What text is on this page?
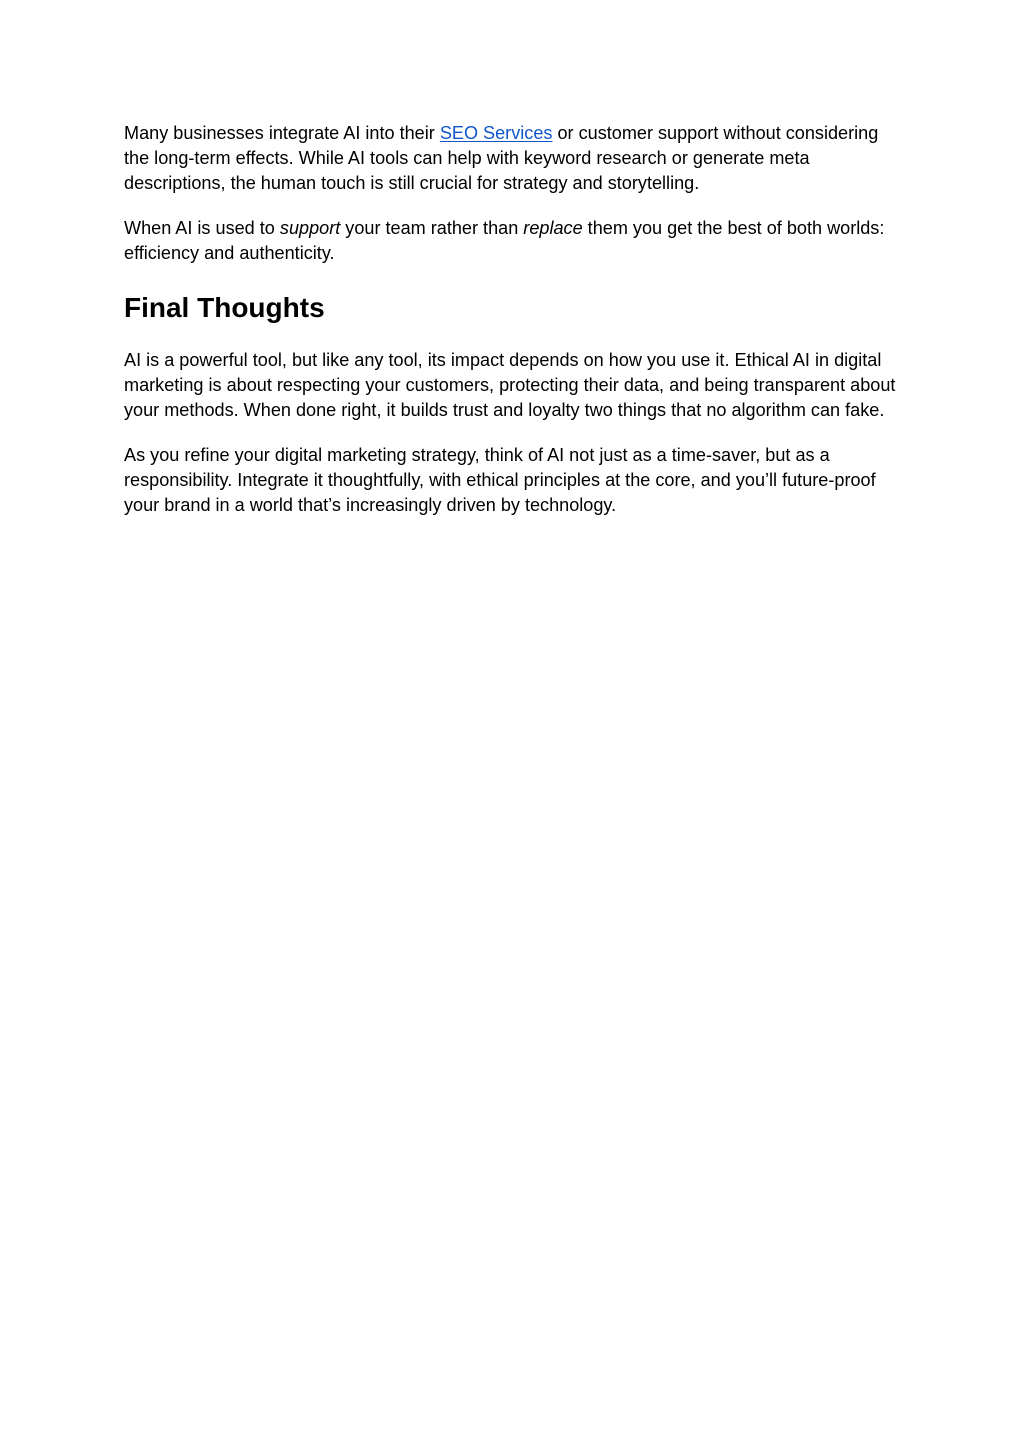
Many businesses integrate AI into their SEO Services or customer support without considering the long-term effects. While AI tools can help with keyword research or generate meta descriptions, the human touch is still crucial for strategy and storytelling.

When AI is used to support your team rather than replace them you get the best of both worlds: efficiency and authenticity.

Final Thoughts

AI is a powerful tool, but like any tool, its impact depends on how you use it. Ethical AI in digital marketing is about respecting your customers, protecting their data, and being transparent about your methods. When done right, it builds trust and loyalty two things that no algorithm can fake.

As you refine your digital marketing strategy, think of AI not just as a time-saver, but as a responsibility. Integrate it thoughtfully, with ethical principles at the core, and you’ll future-proof your brand in a world that’s increasingly driven by technology.
